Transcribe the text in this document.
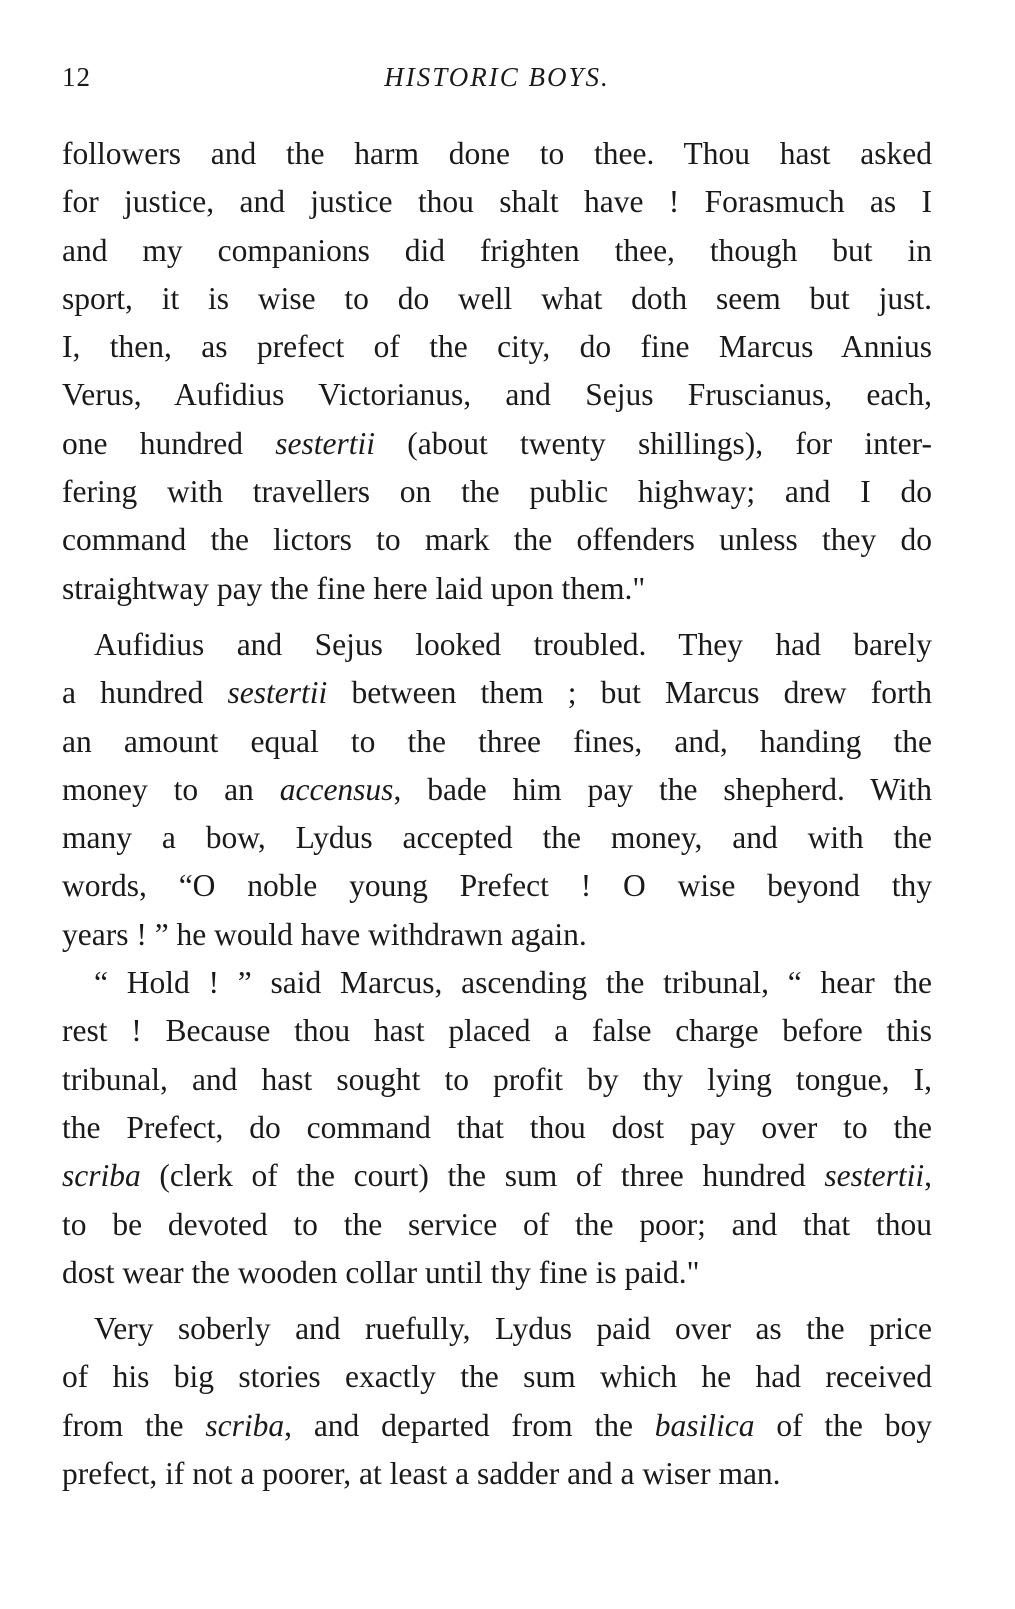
12	HISTORIC BOYS.
followers and the harm done to thee. Thou hast asked
for justice, and justice thou shalt have ! Forasmuch as I
and my companions did frighten thee, though but in
sport, it is wise to do well what doth seem but just.
I, then, as prefect of the city, do fine Marcus Annius
Verus, Aufidius Victorianus, and Sejus Fruscianus, each,
one hundred sestertii (about twenty shillings), for inter-
fering with travellers on the public highway; and I do
command the lictors to mark the offenders unless they do
straightway pay the fine here laid upon them."
Aufidius and Sejus looked troubled. They had barely
a hundred sestertii between them ; but Marcus drew forth
an amount equal to the three fines, and, handing the
money to an accensus, bade him pay the shepherd. With
many a bow, Lydus accepted the money, and with the
words, “O noble young Prefect ! O wise beyond thy
years ! ” he would have withdrawn again.
“ Hold ! ” said Marcus, ascending the tribunal, “ hear the
rest ! Because thou hast placed a false charge before this
tribunal, and hast sought to profit by thy lying tongue, I,
the Prefect, do command that thou dost pay over to the
scriba (clerk of the court) the sum of three hundred sestertii,
to be devoted to the service of the poor; and that thou
dost wear the wooden collar until thy fine is paid."
Very soberly and ruefully, Lydus paid over as the price
of his big stories exactly the sum which he had received
from the scriba, and departed from the basilica of the boy
prefect, if not a poorer, at least a sadder and a wiser man.
